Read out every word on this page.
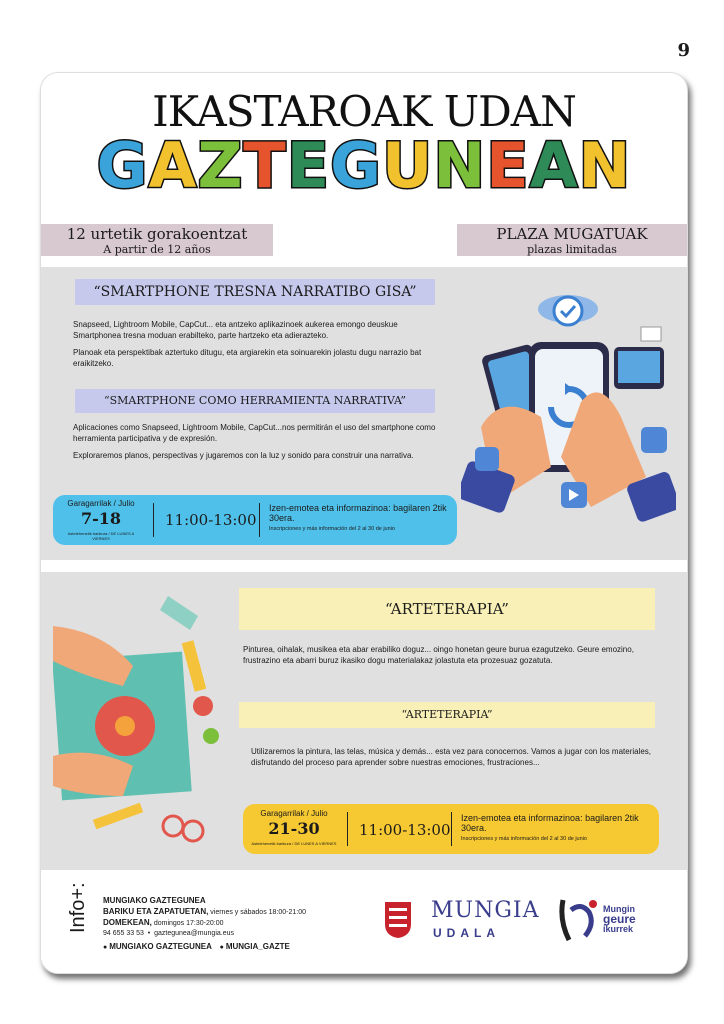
9
IKASTAROAK UDAN
GAZTEGUNEAN
12 urtetik gorakoentzat
A partir de 12 años
PLAZA MUGATUAK
plazas limitadas
“SMARTPHONE TRESNA NARRATIBO GISA”

Snapseed, Lightroom Mobile, CapCut... eta antzeko aplikazinoek aukerea emongo deuskue Smartphonea tresna moduan erabilteko, parte hartzeko eta adierazteko.

Planoak eta perspektibak aztertuko ditugu, eta argiarekin eta soinuarekin jolastu dugu narrazio bat eraikitzeko.

“SMARTPHONE COMO HERRAMIENTA NARRATIVA”

Aplicaciones como Snapseed, Lightroom Mobile, CapCut...nos permitirán el uso del smartphone como herramienta participativa y de expresión.

Exploraremos planos, perspectivas y jugaremos con la luz y sonido para construir una narrativa.

Garagarrilak / Julio
7-18
Astelehenetik barikura / DE LUNES A VIERNES
11:00-13:00
Izen-emotea eta informazinoa: bagilaren 2tik 30era.
Inscripciones y más información del 2 al 30 de junio
“ARTETERAPIA”
Pinturea, oihalak, musikea eta abar erabiliko doguz... oingo honetan geure burua ezagutzeko. Geure emozino, frustrazino eta abarri buruz ikasiko dogu materialakaz jolastuta eta prozesuaz gozatuta.
“ARTETERAPIA”
Utilizaremos la pintura, las telas, música y demás... esta vez para conocernos. Vamos a jugar con los materiales, disfrutando del proceso para aprender sobre nuestras emociones, frustraciones...
Garagarrilak / Julio
21-30
Astelehenetik barikura / DE LUNES A VIERNES
11:00-13:00
Izen-emotea eta informazinoa: bagilaren 2tik 30era.
Inscripciones y más información del 2 al 30 de junio
MUNGIAKO GAZTEGUNEA
BARIKU ETA ZAPATUETAN, viernes y sábados 18:00-21:00
DOMEKEAN, domingos 17:30-20:00
94 655 33 53  •  gaztegunea@mungia.eus
● MUNGIAKO GAZTEGUNEA ● MUNGIA_GAZTE
MUNGIA
UDALA
Mungin
geure
ikurrek
Info+:
